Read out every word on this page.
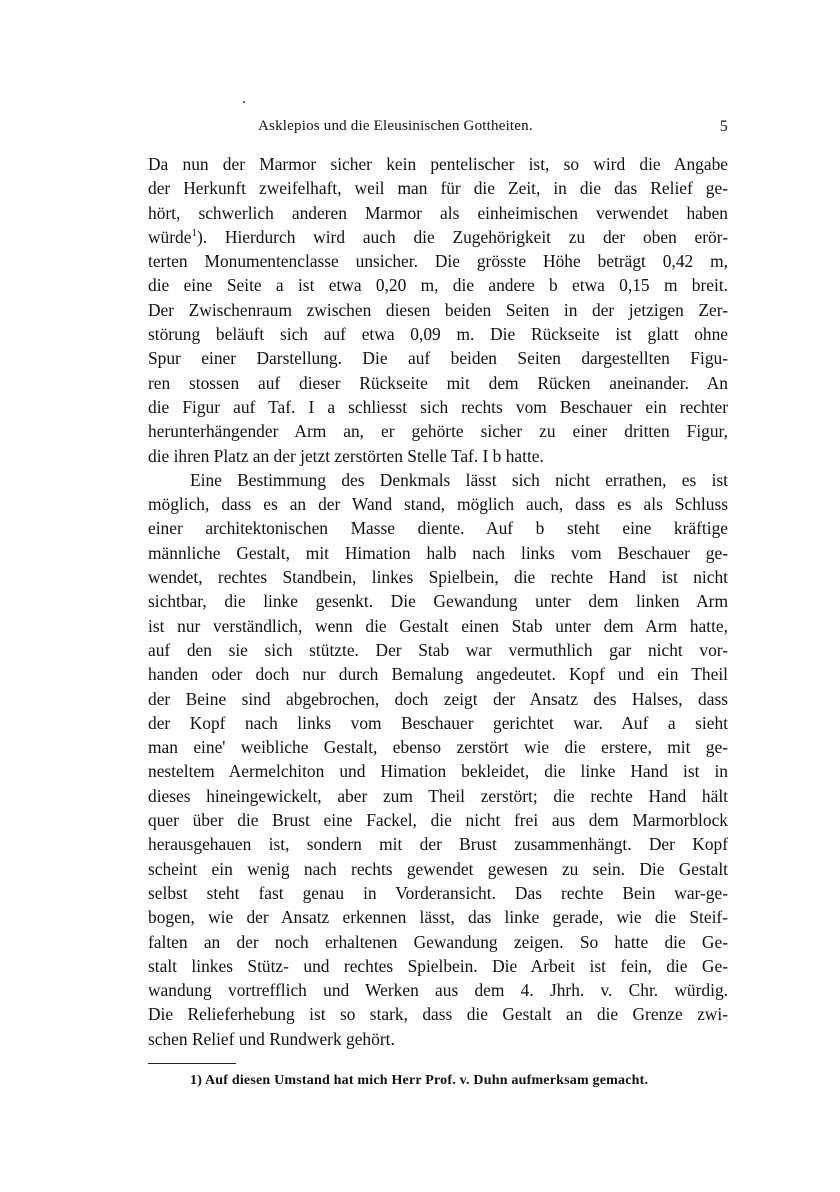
Asklepios und die Eleusinischen Gottheiten.	5
Da nun der Marmor sicher kein pentelischer ist, so wird die Angabe
der Herkunft zweifelhaft, weil man für die Zeit, in die das Relief ge-
hört, schwerlich anderen Marmor als einheimischen verwendet haben
würde$^1$). Hierdurch wird auch die Zugehörigkeit zu der oben erör-
terten Monumentenclasse unsicher. Die grösste Höhe beträgt 0,42 m,
die eine Seite a ist etwa 0,20 m, die andere b etwa 0,15 m breit.
Der Zwischenraum zwischen diesen beiden Seiten in der jetzigen Zer-
störung beläuft sich auf etwa 0,09 m. Die Rückseite ist glatt ohne
Spur einer Darstellung. Die auf beiden Seiten dargestellten Figu-
ren stossen auf dieser Rückseite mit dem Rücken aneinander. An
die Figur auf Taf. I a schliesst sich rechts vom Beschauer ein rechter
herunterhängender Arm an, er gehörte sicher zu einer dritten Figur,
die ihren Platz an der jetzt zerstörten Stelle Taf. I b hatte.
Eine Bestimmung des Denkmals lässt sich nicht errathen, es ist
möglich, dass es an der Wand stand, möglich auch, dass es als Schluss
einer architektonischen Masse diente. Auf b steht eine kräftige
männliche Gestalt, mit Himation halb nach links vom Beschauer ge-
wendet, rechtes Standbein, linkes Spielbein, die rechte Hand ist nicht
sichtbar, die linke gesenkt. Die Gewandung unter dem linken Arm
ist nur verständlich, wenn die Gestalt einen Stab unter dem Arm hatte,
auf den sie sich stützte. Der Stab war vermuthlich gar nicht vor-
handen oder doch nur durch Bemalung angedeutet. Kopf und ein Theil
der Beine sind abgebrochen, doch zeigt der Ansatz des Halses, dass
der Kopf nach links vom Beschauer gerichtet war. Auf a sieht
man eine' weibliche Gestalt, ebenso zerstört wie die erstere, mit ge-
nesteltem Aermelchiton und Himation bekleidet, die linke Hand ist in
dieses hineingewickelt, aber zum Theil zerstört; die rechte Hand hält
quer über die Brust eine Fackel, die nicht frei aus dem Marmorblock
herausgehauen ist, sondern mit der Brust zusammenhängt. Der Kopf
scheint ein wenig nach rechts gewendet gewesen zu sein. Die Gestalt
selbst steht fast genau in Vorderansicht. Das rechte Bein war-ge-
bogen, wie der Ansatz erkennen lässt, das linke gerade, wie die Steif-
falten an der noch erhaltenen Gewandung zeigen. So hatte die Ge-
stalt linkes Stütz- und rechtes Spielbein. Die Arbeit ist fein, die Ge-
wandung vortrefflich und Werken aus dem 4. Jhrh. v. Chr. würdig.
Die Relieferhebung ist so stark, dass die Gestalt an die Grenze zwi-
schen Relief und Rundwerk gehört.
1) Auf diesen Umstand hat mich Herr Prof. v. Duhn aufmerksam gemacht.
